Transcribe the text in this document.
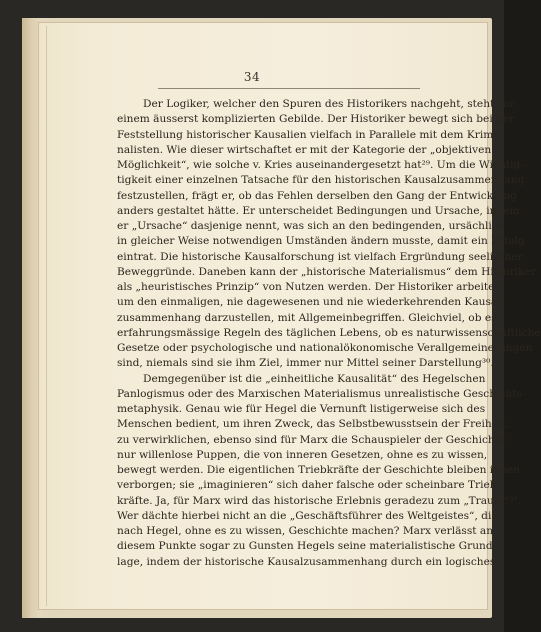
34
Der Logiker, welcher den Spuren des Historikers nachgeht, steht vor
einem äusserst komplizierten Gebilde. Der Historiker bewegt sich bei der
Feststellung historischer Kausalien vielfach in Parallele mit dem Krimi-
nalisten. Wie dieser wirtschaftet er mit der Kategorie der „objektiven
Möglichkeit“, wie solche v. Kries auseinandergesetzt hat²⁹. Um die Wichtig-
tigkeit einer einzelnen Tatsache für den historischen Kausalzusammenhang
festzustellen, frägt er, ob das Fehlen derselben den Gang der Entwicklung
anders gestaltet hätte. Er unterscheidet Bedingungen und Ursache, indem
er „Ursache“ dasjenige nennt, was sich an den bedingenden, ursächlich
in gleicher Weise notwendigen Umständen ändern musste, damit ein Erfolg
eintrat. Die historische Kausalforschung ist vielfach Ergründung seelischer
Beweggründe. Daneben kann der „historische Materialismus“ dem Historiker
als „heuristisches Prinzip“ von Nutzen werden. Der Historiker arbeitet,
um den einmaligen, nie dagewesenen und nie wiederkehrenden Kausal-
zusammenhang darzustellen, mit Allgemeinbegriffen. Gleichviel, ob es
erfahrungsmässige Regeln des täglichen Lebens, ob es naturwissenschaftliche
Gesetze oder psychologische und nationalökonomische Verallgemeinerungen
sind, niemals sind sie ihm Ziel, immer nur Mittel seiner Darstellung³⁰.
Demgegenüber ist die „einheitliche Kausalität“ des Hegelschen
Panlogismus oder des Marxischen Materialismus unrealistische Geschichts-
metaphysik. Genau wie für Hegel die Vernunft listigerweise sich des
Menschen bedient, um ihren Zweck, das Selbstbewusstsein der Freiheit,
zu verwirklichen, ebenso sind für Marx die Schauspieler der Geschichte
nur willenlose Puppen, die von inneren Gesetzen, ohne es zu wissen,
bewegt werden. Die eigentlichen Triebkräfte der Geschichte bleiben ihnen
verborgen; sie „imaginieren“ sich daher falsche oder scheinbare Trieb-
kräfte. Ja, für Marx wird das historische Erlebnis geradezu zum „Traum“³¹.
Wer dächte hierbei nicht an die „Geschäftsführer des Weltgeistes“, die
nach Hegel, ohne es zu wissen, Geschichte machen? Marx verlässt an
diesem Punkte sogar zu Gunsten Hegels seine materialistische Grund-
lage, indem der historische Kausalzusammenhang durch ein logisches
